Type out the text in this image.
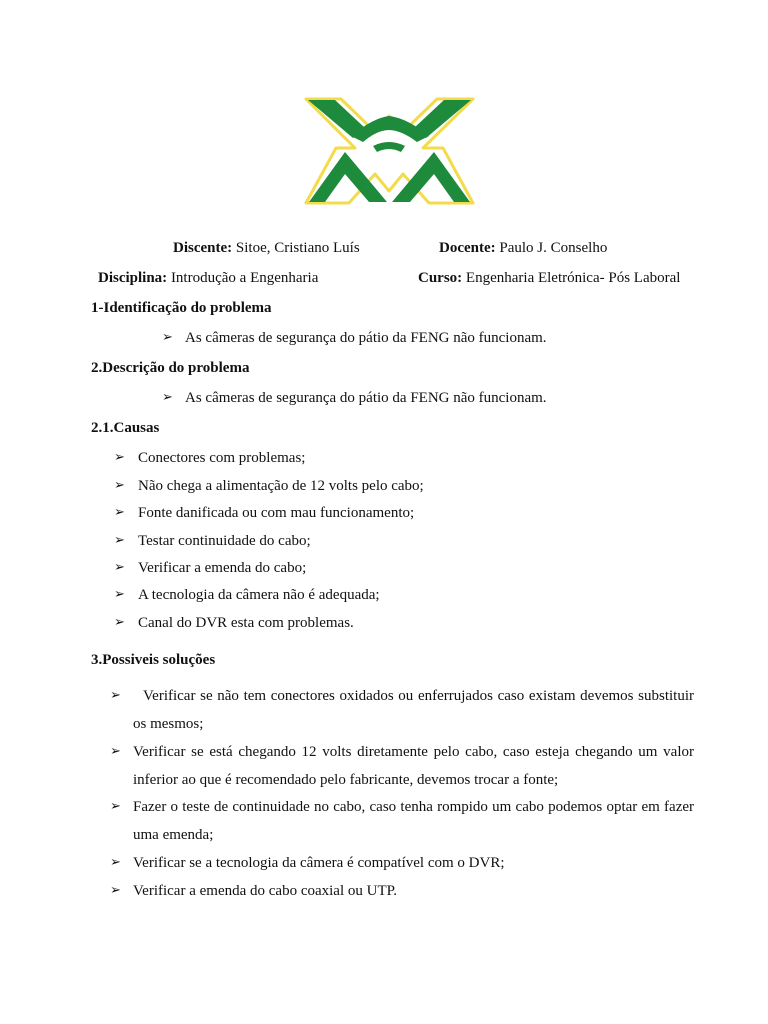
Discente: Sitoe, Cristiano Luís	Docente: Paulo J. Conselho
Disciplina: Introdução a Engenharia	Curso: Engenharia Eletrónica- Pós Laboral
1-Identificação do problema
➢ As câmeras de segurança do pátio da FENG não funcionam.
2.Descrição do problema
➢ As câmeras de segurança do pátio da FENG não funcionam.
2.1.Causas
➢ Conectores com problemas;
➢ Não chega a alimentação de 12 volts pelo cabo;
➢ Fonte danificada ou com mau funcionamento;
➢ Testar continuidade do cabo;
➢ Verificar a emenda do cabo;
➢ A tecnologia da câmera não é adequada;
➢ Canal do DVR esta com problemas.
3.Possiveis soluções
➢	Verificar se não tem conectores oxidados ou enferrujados caso existam devemos substituir os mesmos;
➢ Verificar se está chegando 12 volts diretamente pelo cabo, caso esteja chegando um valor inferior ao que é recomendado pelo fabricante, devemos trocar a fonte;
➢ Fazer o teste de continuidade no cabo, caso tenha rompido um cabo podemos optar em fazer uma emenda;
➢ Verificar se a tecnologia da câmera é compatível com o DVR;
➢ Verificar a emenda do cabo coaxial ou UTP.
